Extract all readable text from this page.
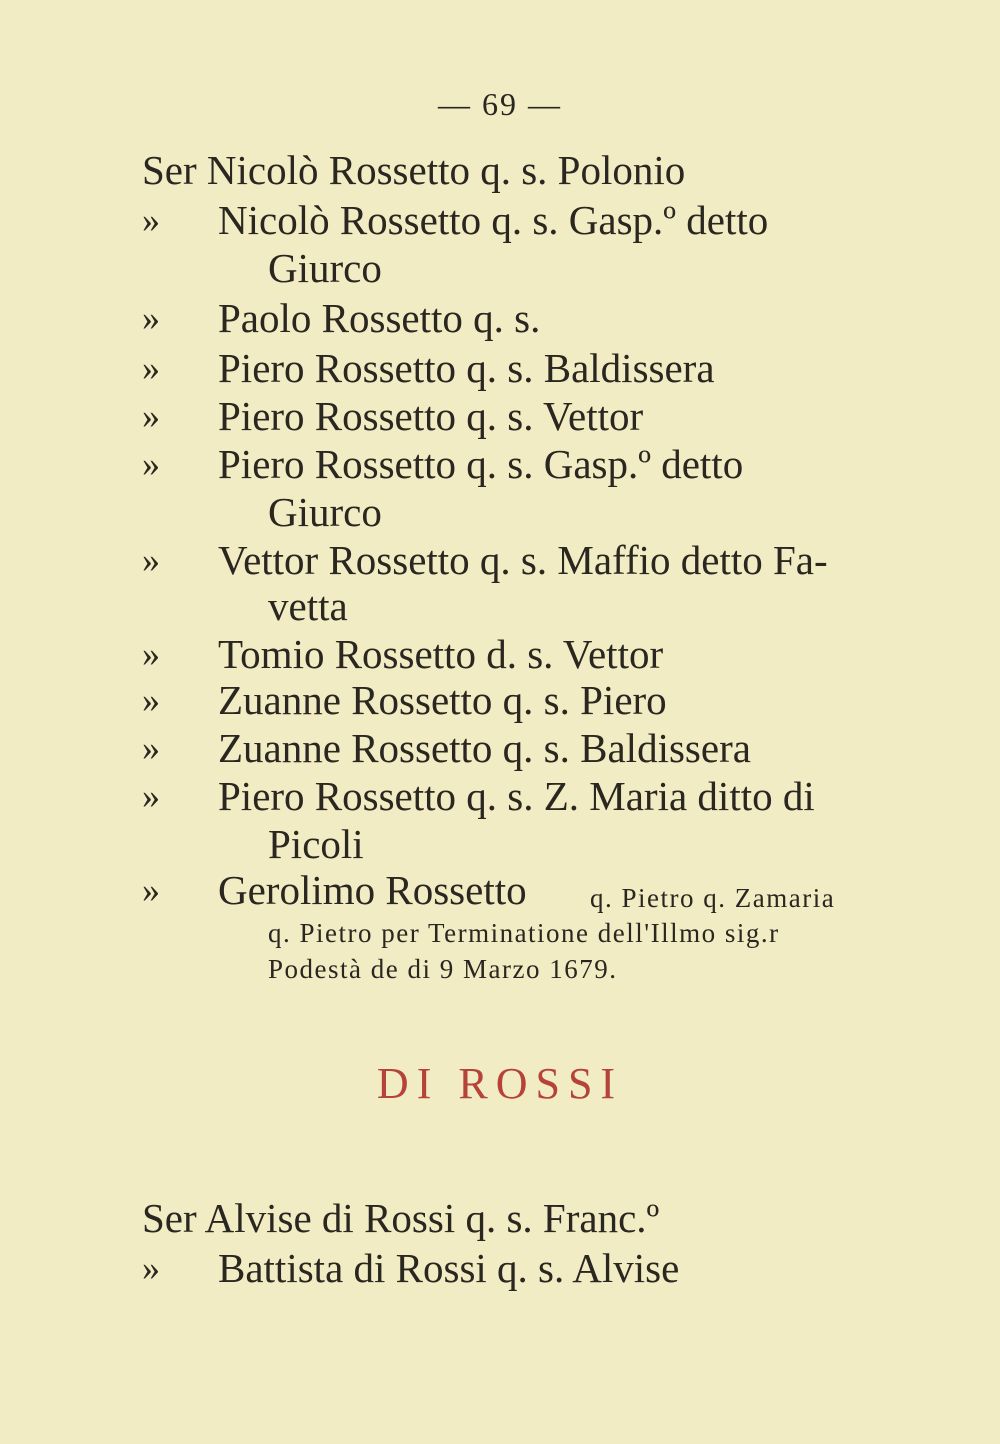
— 69 —
Ser Nicolò Rossetto q. s. Polonio
» Nicolò Rossetto q. s. Gasp.º detto
Giurco
» Paolo Rossetto q. s.
» Piero Rossetto q. s. Baldissera
» Piero Rossetto q. s. Vettor
» Piero Rossetto q. s. Gasp.º detto
Giurco
» Vettor Rossetto q. s. Maffio detto Fa-
vetta
» Tomio Rossetto d. s. Vettor
» Zuanne Rossetto q. s. Piero
» Zuanne Rossetto q. s. Baldissera
» Piero Rossetto q. s. Z. Maria ditto di
Picoli
» Gerolimo Rossetto q. Pietro q. Zamaria
q. Pietro per Terminatione dell'Illmo sig.r
Podestà de di 9 Marzo 1679.
DI ROSSI
Ser Alvise di Rossi q. s. Franc.º
» Battista di Rossi q. s. Alvise
